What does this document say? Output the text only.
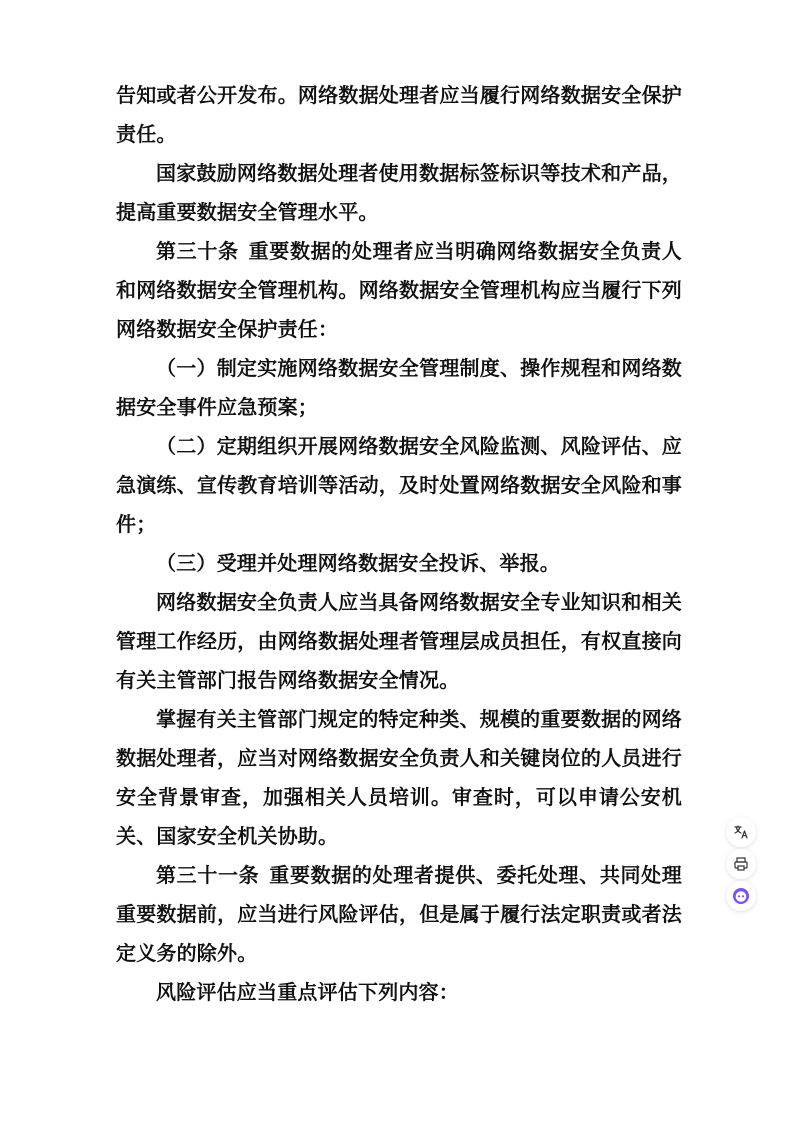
告知或者公开发布。网络数据处理者应当履行网络数据安全保护责任。

国家鼓励网络数据处理者使用数据标签标识等技术和产品，提高重要数据安全管理水平。

第三十条 重要数据的处理者应当明确网络数据安全负责人和网络数据安全管理机构。网络数据安全管理机构应当履行下列网络数据安全保护责任：

（一）制定实施网络数据安全管理制度、操作规程和网络数据安全事件应急预案；

（二）定期组织开展网络数据安全风险监测、风险评估、应急演练、宣传教育培训等活动，及时处置网络数据安全风险和事件；

（三）受理并处理网络数据安全投诉、举报。

网络数据安全负责人应当具备网络数据安全专业知识和相关管理工作经历，由网络数据处理者管理层成员担任，有权直接向有关主管部门报告网络数据安全情况。

掌握有关主管部门规定的特定种类、规模的重要数据的网络数据处理者，应当对网络数据安全负责人和关键岗位的人员进行安全背景审查，加强相关人员培训。审查时，可以申请公安机关、国家安全机关协助。

第三十一条 重要数据的处理者提供、委托处理、共同处理重要数据前，应当进行风险评估，但是属于履行法定职责或者法定义务的除外。

风险评估应当重点评估下列内容：
